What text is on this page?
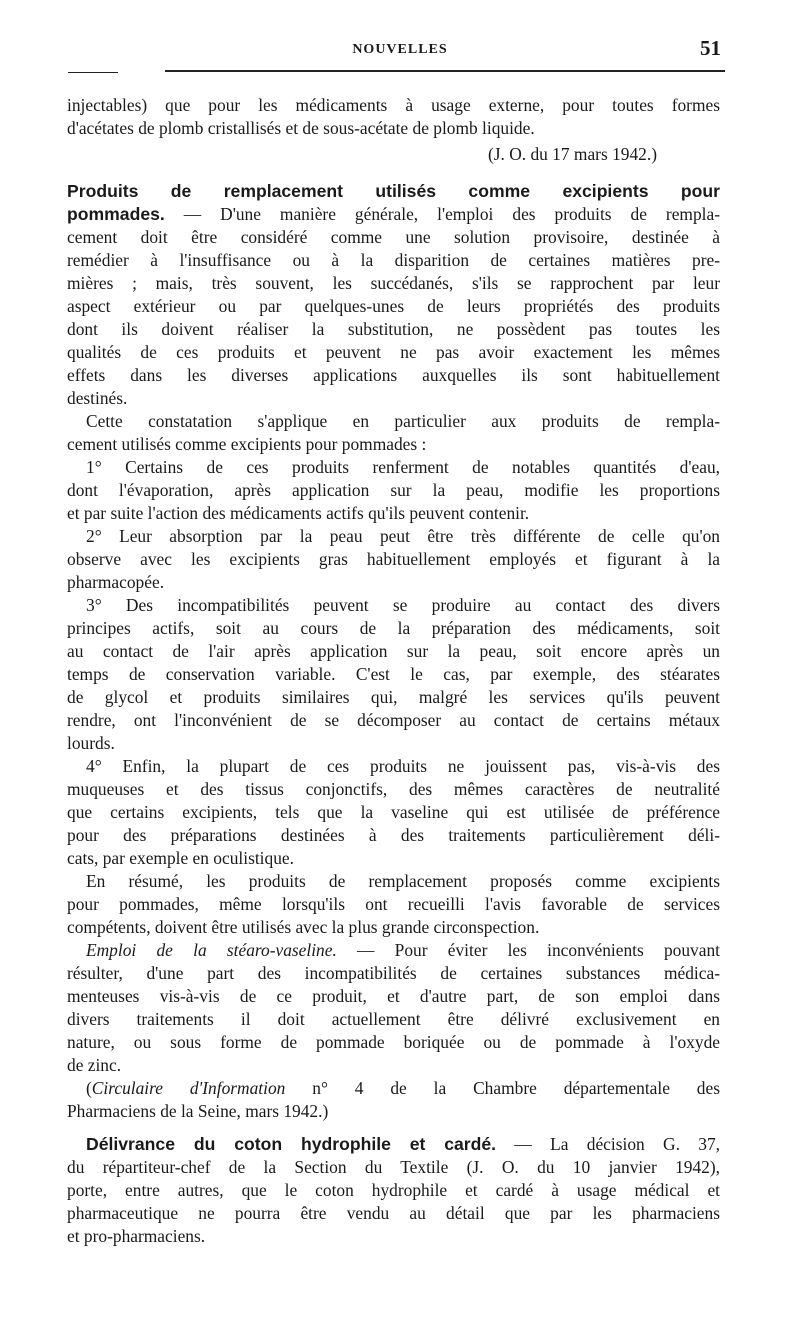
NOUVELLES	51
injectables) que pour les médicaments à usage externe, pour toutes formes
d'acétates de plomb cristallisés et de sous-acétate de plomb liquide.
(J. O. du 17 mars 1942.)
Produits de remplacement utilisés comme excipients pour
pommades. — D'une manière générale, l'emploi des produits de rempla-
cement doit être considéré comme une solution provisoire, destinée à
remédier à l'insuffisance ou à la disparition de certaines matières pre-
mières ; mais, très souvent, les succédanés, s'ils se rapprochent par leur
aspect extérieur ou par quelques-unes de leurs propriétés des produits
dont ils doivent réaliser la substitution, ne possèdent pas toutes les
qualités de ces produits et peuvent ne pas avoir exactement les mêmes
effets dans les diverses applications auxquelles ils sont habituellement
destinés.
Cette constatation s'applique en particulier aux produits de rempla-
cement utilisés comme excipients pour pommades :
1° Certains de ces produits renferment de notables quantités d'eau,
dont l'évaporation, après application sur la peau, modifie les proportions
et par suite l'action des médicaments actifs qu'ils peuvent contenir.
2° Leur absorption par la peau peut être très différente de celle qu'on
observe avec les excipients gras habituellement employés et figurant à la
pharmacopée.
3° Des incompatibilités peuvent se produire au contact des divers
principes actifs, soit au cours de la préparation des médicaments, soit
au contact de l'air après application sur la peau, soit encore après un
temps de conservation variable. C'est le cas, par exemple, des stéarates
de glycol et produits similaires qui, malgré les services qu'ils peuvent
rendre, ont l'inconvénient de se décomposer au contact de certains métaux
lourds.
4° Enfin, la plupart de ces produits ne jouissent pas, vis-à-vis des
muqueuses et des tissus conjonctifs, des mêmes caractères de neutralité
que certains excipients, tels que la vaseline qui est utilisée de préférence
pour des préparations destinées à des traitements particulièrement déli-
cats, par exemple en oculistique.
En résumé, les produits de remplacement proposés comme excipients
pour pommades, même lorsqu'ils ont recueilli l'avis favorable de services
compétents, doivent être utilisés avec la plus grande circonspection.
Emploi de la stéaro-vaseline. — Pour éviter les inconvénients pouvant
résulter, d'une part des incompatibilités de certaines substances médica-
menteuses vis-à-vis de ce produit, et d'autre part, de son emploi dans
divers traitements il doit actuellement être délivré exclusivement en
nature, ou sous forme de pommade boriquée ou de pommade à l'oxyde
de zinc.
(Circulaire d'Information n° 4 de la Chambre départementale des
Pharmaciens de la Seine, mars 1942.)
Délivrance du coton hydrophile et cardé. — La décision G. 37,
du répartiteur-chef de la Section du Textile (J. O. du 10 janvier 1942),
porte, entre autres, que le coton hydrophile et cardé à usage médical et
pharmaceutique ne pourra être vendu au détail que par les pharmaciens
et pro-pharmaciens.
